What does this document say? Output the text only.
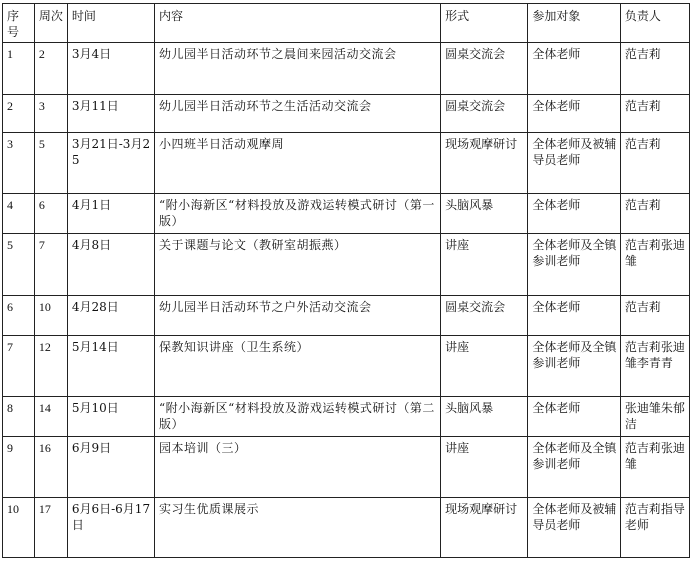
序号	周次	时间	内容	形式	参加对象	负责人
1	2	3月4日	幼儿园半日活动环节之晨间来园活动交流会	圆桌交流会	全体老师	范吉莉
2	3	3月11日	幼儿园半日活动环节之生活活动交流会	圆桌交流会	全体老师	范吉莉
3	5	3月21日-3月25	小四班半日活动观摩周	现场观摩研讨	全体老师及被辅导员老师	范吉莉
4	6	4月1日	“附小海新区“材料投放及游戏运转模式研讨（第一版）	头脑风暴	全体老师	范吉莉
5	7	4月8日	关于课题与论文（教研室胡振燕）	讲座	全体老师及全镇参训老师	范吉莉张迪雏
6	10	4月28日	幼儿园半日活动环节之户外活动交流会	圆桌交流会	全体老师	范吉莉
7	12	5月14日	保教知识讲座（卫生系统）	讲座	全体老师及全镇参训老师	范吉莉张迪雏李青青
8	14	5月10日	“附小海新区“材料投放及游戏运转模式研讨（第二版）	头脑风暴	全体老师	张迪雏朱郁洁
9	16	6月9日	园本培训（三）	讲座	全体老师及全镇参训老师	范吉莉张迪雏
10	17	6月6日-6月17日	实习生优质课展示	现场观摩研讨	全体老师及被辅导员老师	范吉莉指导老师
